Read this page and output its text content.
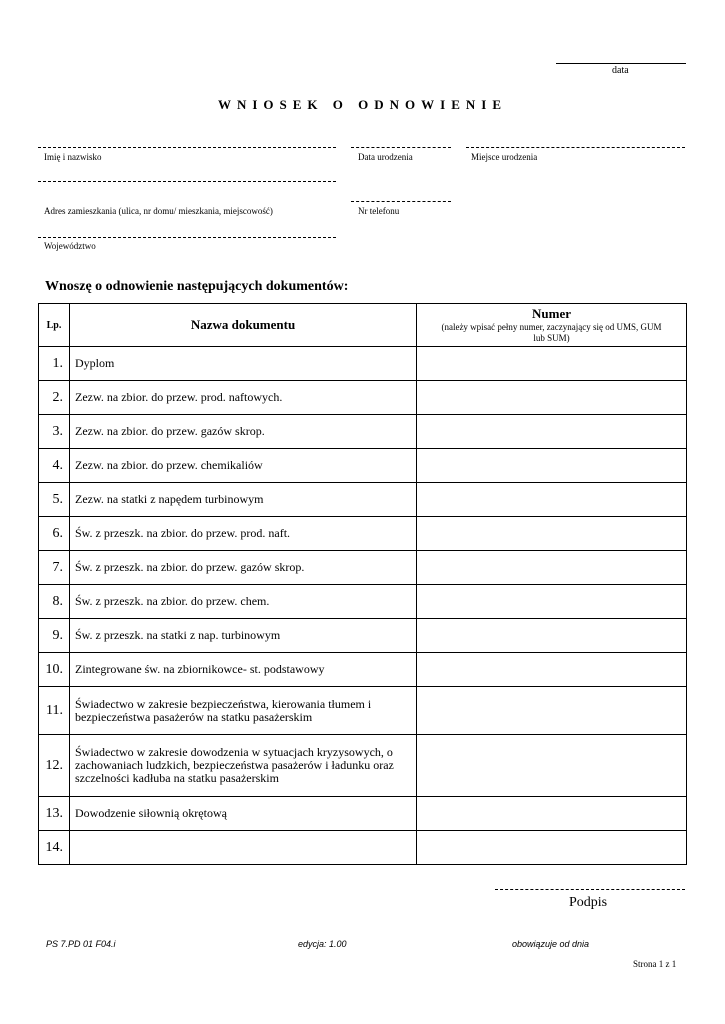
data
WNIOSEK O ODNOWIENIE
Imię i nazwisko	Data urodzenia	Miejsce urodzenia
Adres zamieszkania (ulica, nr domu/ mieszkania, miejscowość)	Nr telefonu
Województwo
Wnoszę o odnowienie następujących dokumentów:
Lp.	Nazwa dokumentu	Numer
(należy wpisać pełny numer, zaczynający się od UMS, GUM lub SUM)

1.	Dyplom	
2.	Zezw. na zbior. do przew. prod. naftowych.	
3.	Zezw. na zbior. do przew. gazów skrop.	
4.	Zezw. na zbior. do przew. chemikaliów	
5.	Zezw. na statki z napędem turbinowym	
6.	Św. z przeszk. na zbior. do przew. prod. naft.	
7.	Św. z przeszk. na zbior. do przew. gazów skrop.	
8.	Św. z przeszk. na zbior. do przew. chem.	
9.	Św. z przeszk. na statki z nap. turbinowym	
10.	Zintegrowane św. na zbiornikowce- st. podstawowy	
11.	Świadectwo w zakresie bezpieczeństwa, kierowania tłumem i bezpieczeństwa pasażerów na statku pasażerskim	
12.	Świadectwo w zakresie dowodzenia w sytuacjach kryzysowych, o zachowaniach ludzkich, bezpieczeństwa pasażerów i ładunku oraz szczelności kadłuba na statku pasażerskim	
13.	Dowodzenie siłownią okrętową	
14.		
Podpis
PS 7.PD 01 F04.i	edycja: 1.00	obowiązuje od dnia
Strona 1 z 1
